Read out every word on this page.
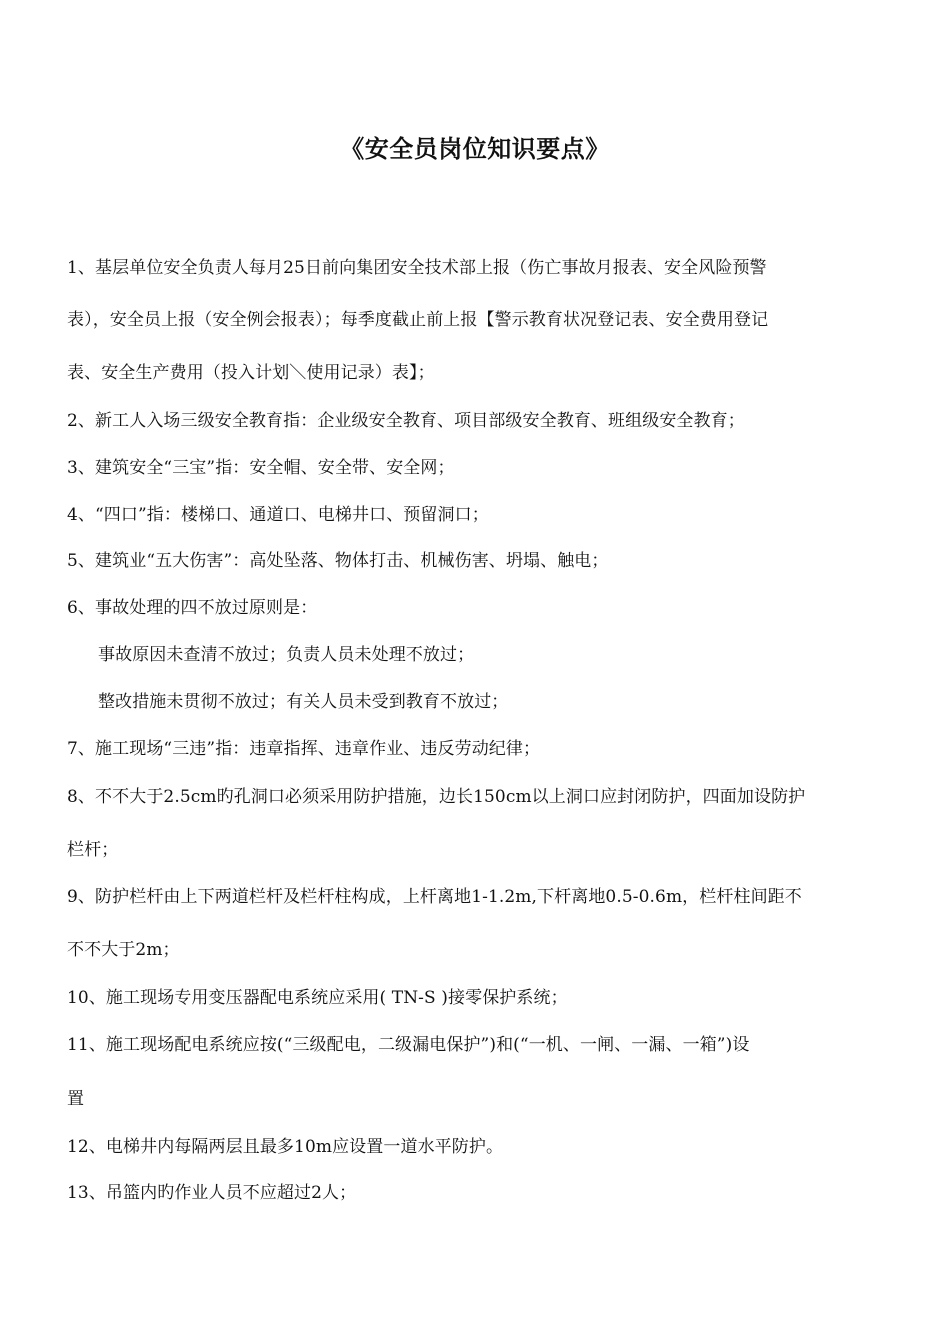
《安全员岗位知识要点》
1、基层单位安全负责人每月25日前向集团安全技术部上报（伤亡事故月报表、安全风险预警
表），安全员上报（安全例会报表）；每季度截止前上报【警示教育状况登记表、安全费用登记
表、安全生产费用（投入计划＼使用记录）表】；
2、新工人入场三级安全教育指：企业级安全教育、项目部级安全教育、班组级安全教育；
3、建筑安全“三宝”指：安全帽、安全带、安全网；
4、“四口”指：楼梯口、通道口、电梯井口、预留洞口；
5、建筑业“五大伤害”：高处坠落、物体打击、机械伤害、坍塌、触电；
6、事故处理的四不放过原则是：
事故原因未查清不放过；负责人员未处理不放过；
整改措施未贯彻不放过；有关人员未受到教育不放过；
7、施工现场“三违”指：违章指挥、违章作业、违反劳动纪律；
8、不不大于2.5cm旳孔洞口必须采用防护措施，边长150cm以上洞口应封闭防护，四面加设防护
栏杆；
9、防护栏杆由上下两道栏杆及栏杆柱构成，上杆离地1-1.2m,下杆离地0.5-0.6m，栏杆柱间距不
不不大于2m；
10、施工现场专用变压器配电系统应采用( TN-S )接零保护系统；
11、施工现场配电系统应按(“三级配电，二级漏电保护”)和(“一机、一闸、一漏、一箱”)设
置
12、电梯井内每隔两层且最多10m应设置一道水平防护。
13、吊篮内旳作业人员不应超过2人；
